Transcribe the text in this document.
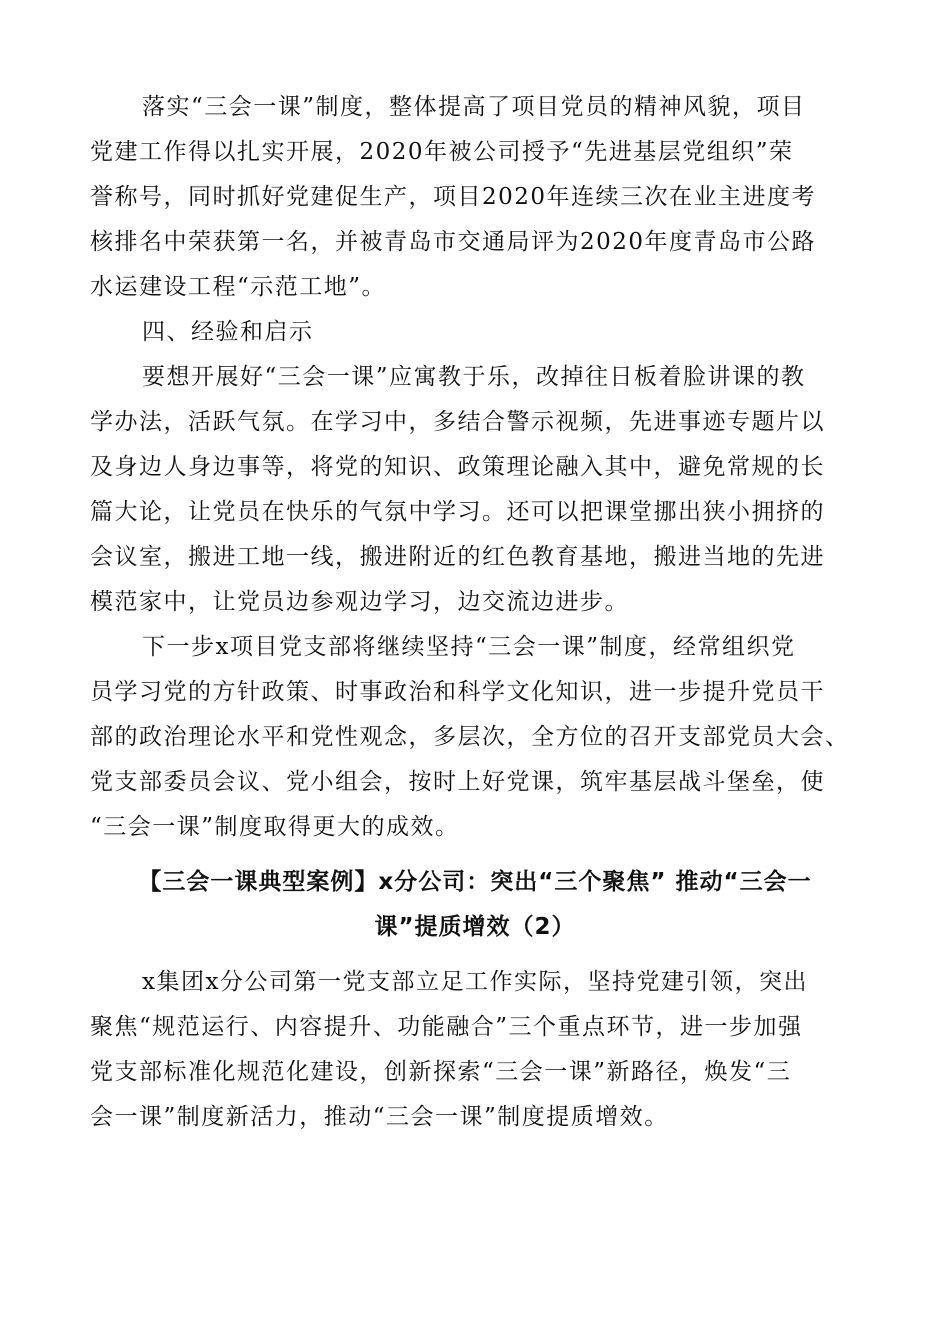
落实“三会一课”制度，整体提高了项目党员的精神风貌，项目
党建工作得以扎实开展，2020年被公司授予“先进基层党组织”荣
誉称号，同时抓好党建促生产，项目2020年连续三次在业主进度考
核排名中荣获第一名，并被青岛市交通局评为2020年度青岛市公路
水运建设工程“示范工地”。
四、经验和启示
要想开展好“三会一课”应寓教于乐，改掉往日板着脸讲课的教
学办法，活跃气氛。在学习中，多结合警示视频，先进事迹专题片以
及身边人身边事等，将党的知识、政策理论融入其中，避免常规的长
篇大论，让党员在快乐的气氛中学习。还可以把课堂挪出狭小拥挤的
会议室，搬进工地一线，搬进附近的红色教育基地，搬进当地的先进
模范家中，让党员边参观边学习，边交流边进步。
下一步x项目党支部将继续坚持“三会一课”制度，经常组织党
员学习党的方针政策、时事政治和科学文化知识，进一步提升党员干
部的政治理论水平和党性观念，多层次，全方位的召开支部党员大会、
党支部委员会议、党小组会，按时上好党课，筑牢基层战斗堡垒，使
“三会一课”制度取得更大的成效。
【三会一课典型案例】x分公司：突出“三个聚焦” 推动“三会一
课”提质增效（2）
x集团x分公司第一党支部立足工作实际，坚持党建引领，突出
聚焦“规范运行、内容提升、功能融合”三个重点环节，进一步加强
党支部标准化规范化建设，创新探索“三会一课”新路径，焕发“三
会一课”制度新活力，推动“三会一课”制度提质增效。
